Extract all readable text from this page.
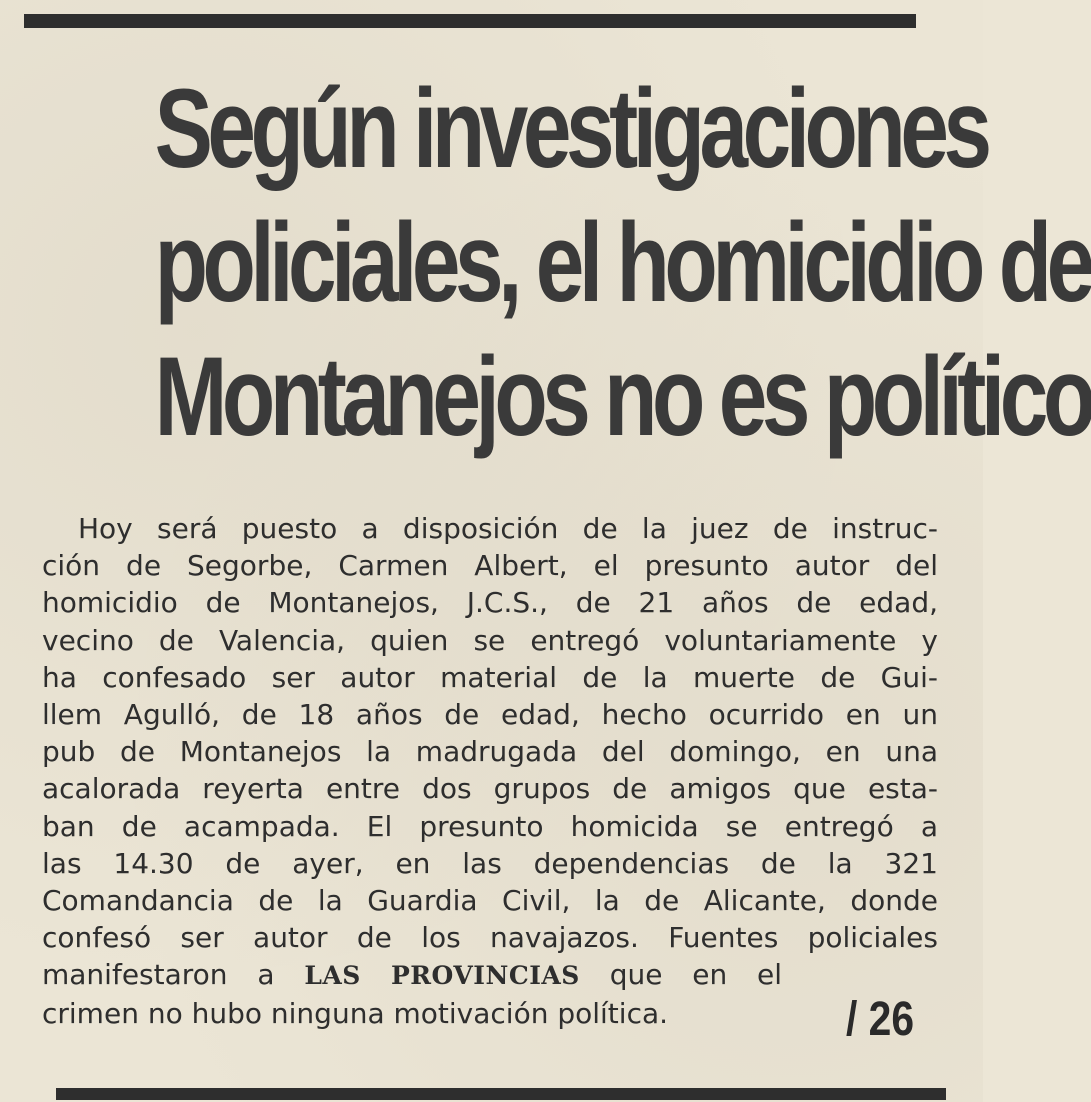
Según investigaciones
policiales, el homicidio de
Montanejos no es político
Hoy será puesto a disposición de la juez de instruc-
ción de Segorbe, Carmen Albert, el presunto autor del
homicidio de Montanejos, J.C.S., de 21 años de edad,
vecino de Valencia, quien se entregó voluntariamente y
ha confesado ser autor material de la muerte de Gui-
llem Agulló, de 18 años de edad, hecho ocurrido en un
pub de Montanejos la madrugada del domingo, en una
acalorada reyerta entre dos grupos de amigos que esta-
ban de acampada. El presunto homicida se entregó a
las 14.30 de ayer, en las dependencias de la 321
Comandancia de la Guardia Civil, la de Alicante, donde
confesó ser autor de los navajazos. Fuentes policiales
manifestaron a LAS PROVINCIAS que en el
crimen no hubo ninguna motivación política.	/ 26
